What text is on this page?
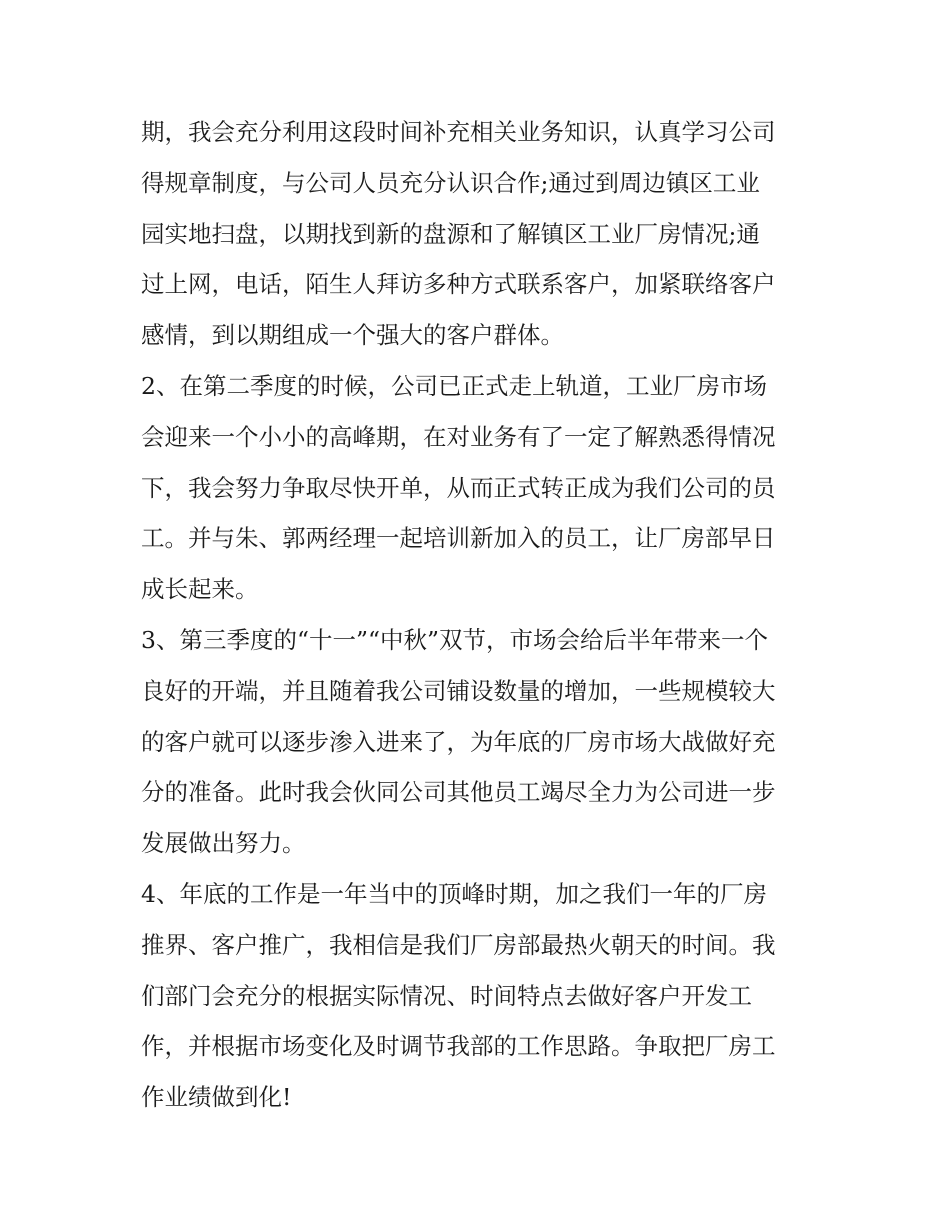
期，我会充分利用这段时间补充相关业务知识，认真学习公司
得规章制度，与公司人员充分认识合作;通过到周边镇区工业
园实地扫盘，以期找到新的盘源和了解镇区工业厂房情况;通
过上网，电话，陌生人拜访多种方式联系客户，加紧联络客户
感情，到以期组成一个强大的客户群体。
2、在第二季度的时候，公司已正式走上轨道，工业厂房市场
会迎来一个小小的高峰期，在对业务有了一定了解熟悉得情况
下，我会努力争取尽快开单，从而正式转正成为我们公司的员
工。并与朱、郭两经理一起培训新加入的员工，让厂房部早日
成长起来。
3、第三季度的“十一”“中秋”双节，市场会给后半年带来一个
良好的开端，并且随着我公司铺设数量的增加，一些规模较大
的客户就可以逐步渗入进来了，为年底的厂房市场大战做好充
分的准备。此时我会伙同公司其他员工竭尽全力为公司进一步
发展做出努力。
4、年底的工作是一年当中的顶峰时期，加之我们一年的厂房
推界、客户推广，我相信是我们厂房部最热火朝天的时间。我
们部门会充分的根据实际情况、时间特点去做好客户开发工
作，并根据市场变化及时调节我部的工作思路。争取把厂房工
作业绩做到化!
